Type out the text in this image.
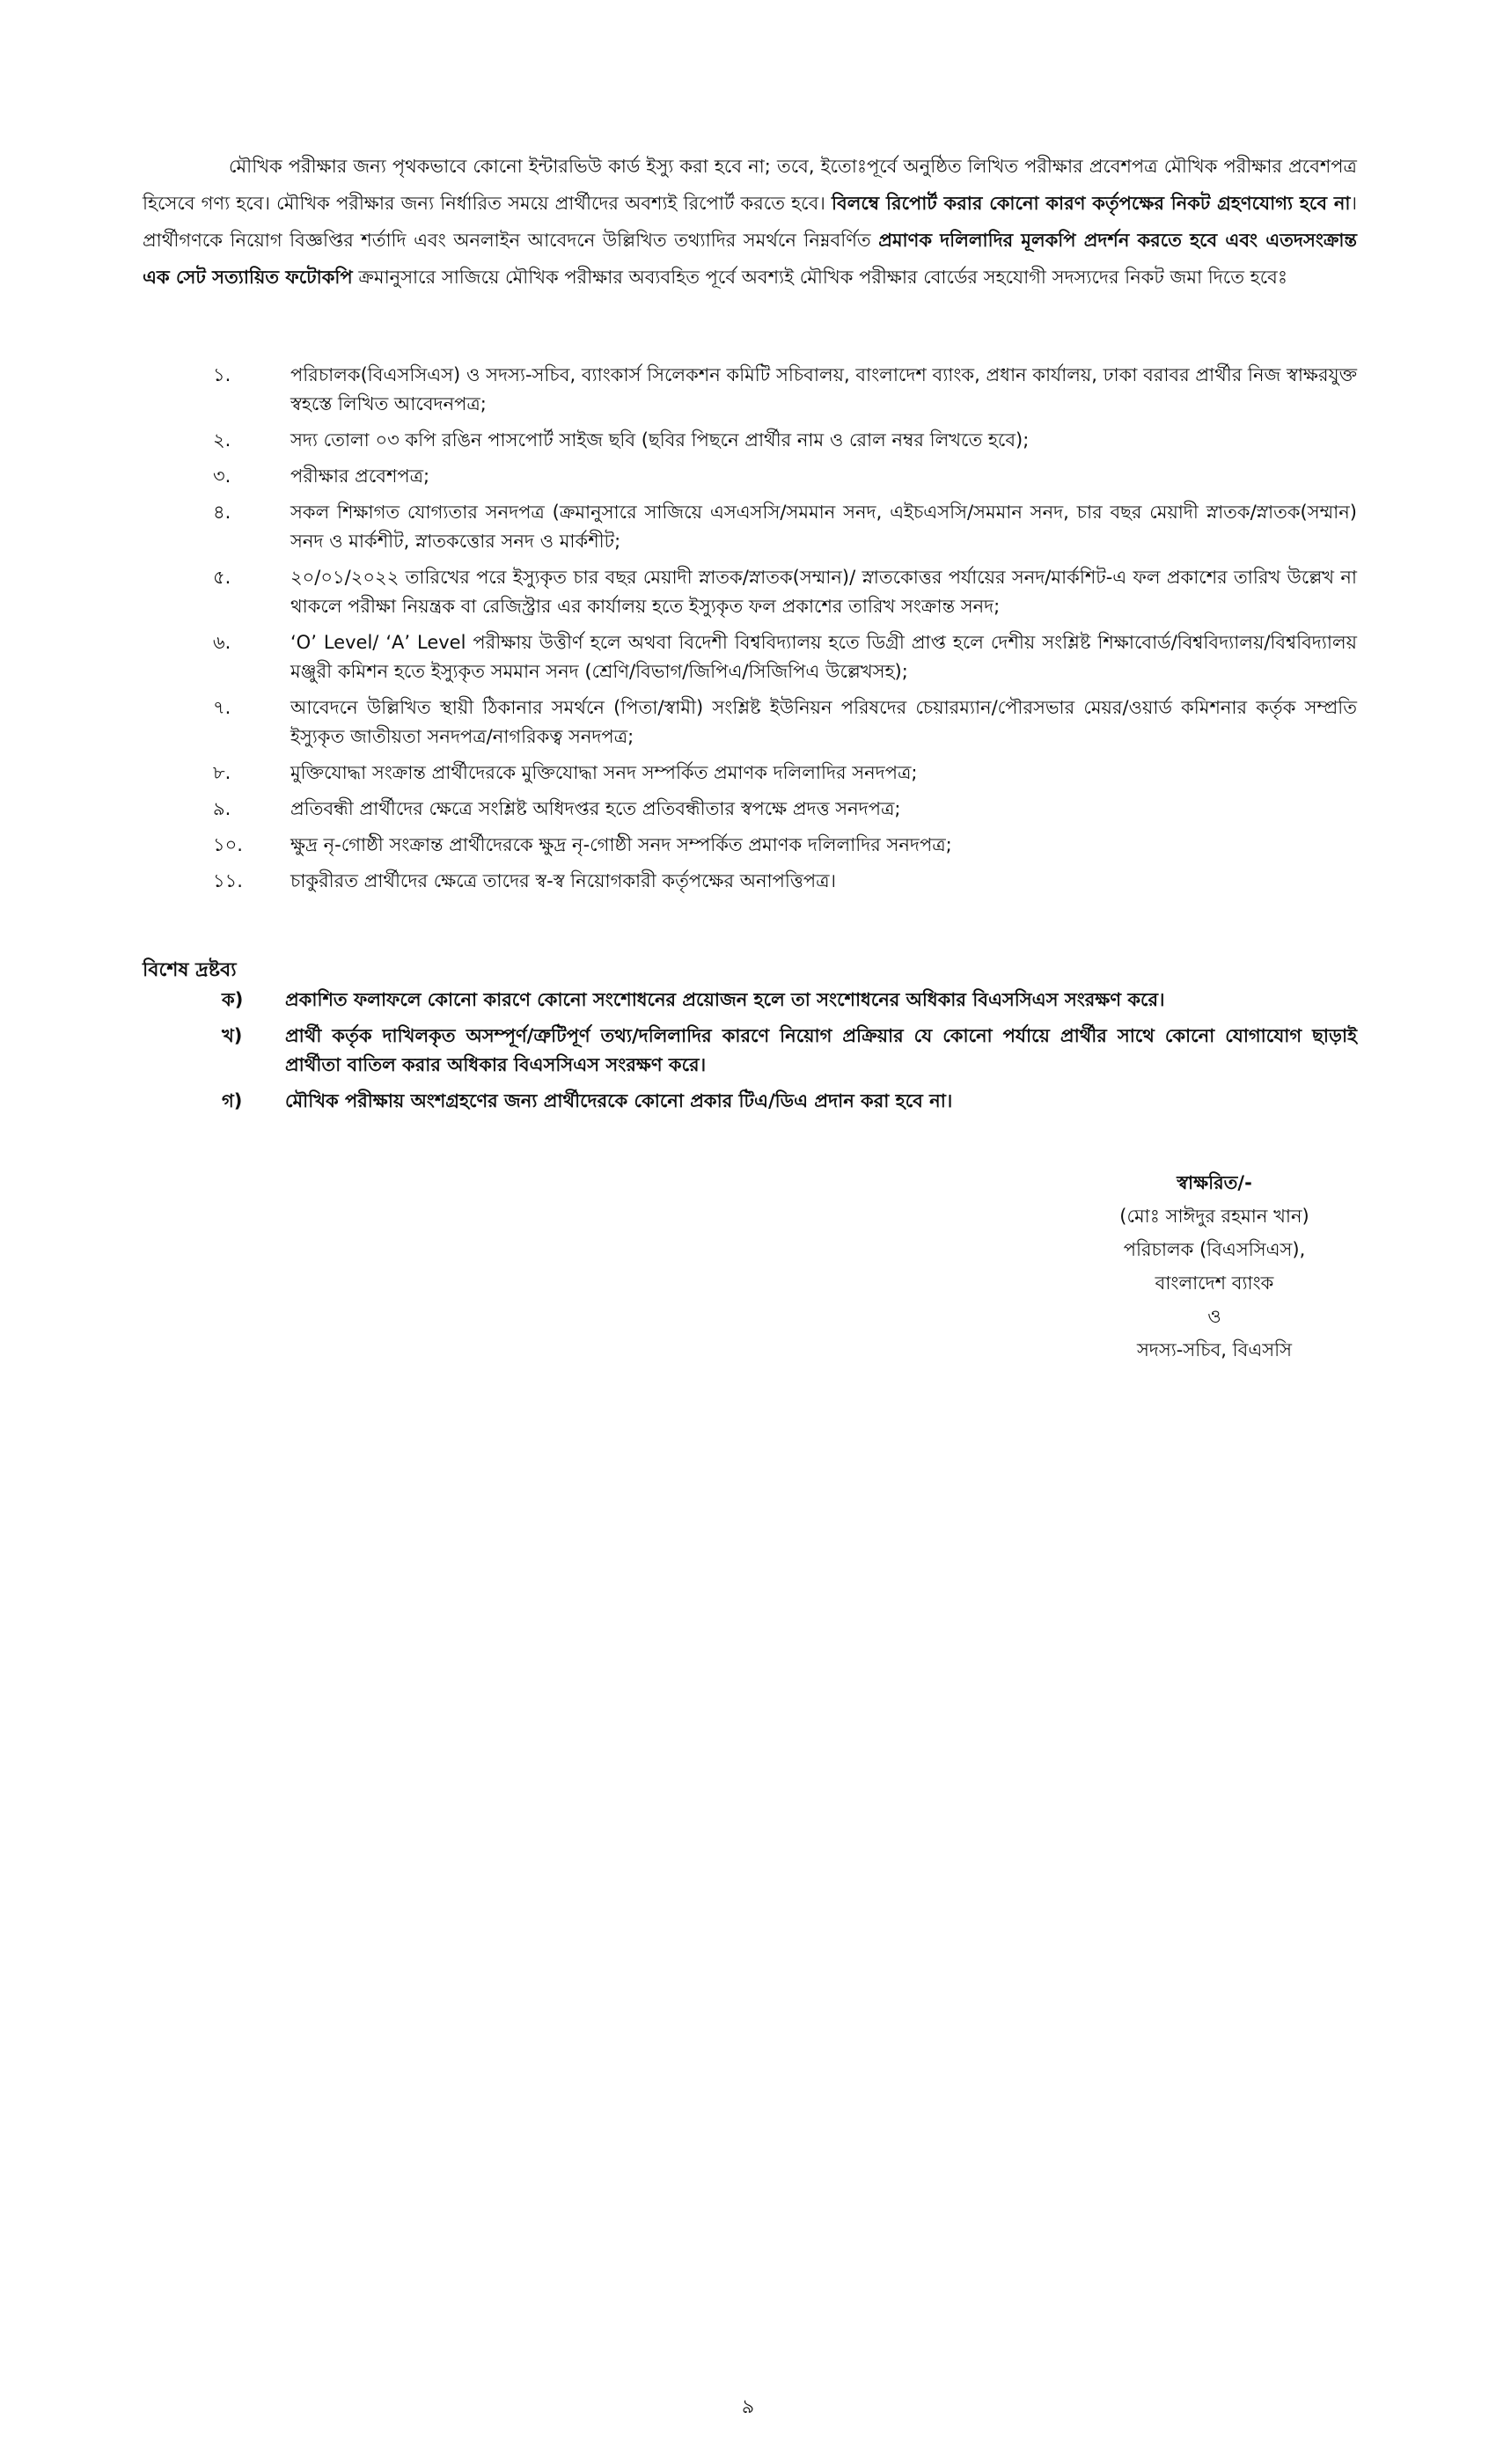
মৌখিক পরীক্ষার জন্য পৃথকভাবে কোনো ইন্টারভিউ কার্ড ইস্যু করা হবে না; তবে, ইতোঃপূর্বে অনুষ্ঠিত লিখিত পরীক্ষার প্রবেশপত্র মৌখিক পরীক্ষার প্রবেশপত্র হিসেবে গণ্য হবে। মৌখিক পরীক্ষার জন্য নির্ধারিত সময়ে প্রার্থীদের অবশ্যই রিপোর্ট করতে হবে। বিলম্বে রিপোর্ট করার কোনো কারণ কর্তৃপক্ষের নিকট গ্রহণযোগ্য হবে না। প্রার্থীগণকে নিয়োগ বিজ্ঞপ্তির শর্তাদি এবং অনলাইন আবেদনে উল্লিখিত তথ্যাদির সমর্থনে নিম্নবর্ণিত প্রমাণক দলিলাদির মূলকপি প্রদর্শন করতে হবে এবং এতদসংক্রান্ত এক সেট সত্যায়িত ফটোকপি ক্রমানুসারে সাজিয়ে মৌখিক পরীক্ষার অব্যবহিত পূর্বে অবশ্যই মৌখিক পরীক্ষার বোর্ডের সহযোগী সদস্যদের নিকট জমা দিতে হবেঃ

১.	পরিচালক(বিএসসিএস) ও সদস্য-সচিব, ব্যাংকার্স সিলেকশন কমিটি সচিবালয়, বাংলাদেশ ব্যাংক, প্রধান কার্যালয়, ঢাকা বরাবর প্রার্থীর নিজ স্বাক্ষরযুক্ত স্বহস্তে লিখিত আবেদনপত্র;
২.	সদ্য তোলা ০৩ কপি রঙিন পাসপোর্ট সাইজ ছবি (ছবির পিছনে প্রার্থীর নাম ও রোল নম্বর লিখতে হবে);
৩.	পরীক্ষার প্রবেশপত্র;
৪.	সকল শিক্ষাগত যোগ্যতার সনদপত্র (ক্রমানুসারে সাজিয়ে এসএসসি/সমমান সনদ, এইচএসসি/সমমান সনদ, চার বছর মেয়াদী স্নাতক/স্নাতক(সম্মান) সনদ ও মার্কশীট, স্নাতকত্তোর সনদ ও মার্কশীট;
৫.	২০/০১/২০২২ তারিখের পরে ইস্যুকৃত চার বছর মেয়াদী স্নাতক/স্নাতক(সম্মান)/ স্নাতকোত্তর পর্যায়ের সনদ/মার্কশিট-এ ফল প্রকাশের তারিখ উল্লেখ না থাকলে পরীক্ষা নিয়ন্ত্রক বা রেজিস্ট্রার এর কার্যালয় হতে ইস্যুকৃত ফল প্রকাশের তারিখ সংক্রান্ত সনদ;
৬.	‘O’ Level/ ‘A’ Level পরীক্ষায় উত্তীর্ণ হলে অথবা বিদেশী বিশ্ববিদ্যালয় হতে ডিগ্রী প্রাপ্ত হলে দেশীয় সংশ্লিষ্ট শিক্ষাবোর্ড/বিশ্ববিদ্যালয়/বিশ্ববিদ্যালয় মঞ্জুরী কমিশন হতে ইস্যুকৃত সমমান সনদ (শ্রেণি/বিভাগ/জিপিএ/সিজিপিএ উল্লেখসহ);
৭.	আবেদনে উল্লিখিত স্থায়ী ঠিকানার সমর্থনে (পিতা/স্বামী) সংশ্লিষ্ট ইউনিয়ন পরিষদের চেয়ারম্যান/পৌরসভার মেয়র/ওয়ার্ড কমিশনার কর্তৃক সম্প্রতি ইস্যুকৃত জাতীয়তা সনদপত্র/নাগরিকত্ব সনদপত্র;
৮.	মুক্তিযোদ্ধা সংক্রান্ত প্রার্থীদেরকে মুক্তিযোদ্ধা সনদ সম্পর্কিত প্রমাণক দলিলাদির সনদপত্র;
৯.	প্রতিবন্ধী প্রার্থীদের ক্ষেত্রে সংশ্লিষ্ট অধিদপ্তর হতে প্রতিবন্ধীতার স্বপক্ষে প্রদত্ত সনদপত্র;
১০.	ক্ষুদ্র নৃ-গোষ্ঠী সংক্রান্ত প্রার্থীদেরকে ক্ষুদ্র নৃ-গোষ্ঠী সনদ সম্পর্কিত প্রমাণক দলিলাদির সনদপত্র;
১১.	চাকুরীরত প্রার্থীদের ক্ষেত্রে তাদের স্ব-স্ব নিয়োগকারী কর্তৃপক্ষের অনাপত্তিপত্র।
বিশেষ দ্রষ্টব্য
ক)	প্রকাশিত ফলাফলে কোনো কারণে কোনো সংশোধনের প্রয়োজন হলে তা সংশোধনের অধিকার বিএসসিএস সংরক্ষণ করে।
খ)	প্রার্থী কর্তৃক দাখিলকৃত অসম্পূর্ণ/ত্রুটিপূর্ণ তথ্য/দলিলাদির কারণে নিয়োগ প্রক্রিয়ার যে কোনো পর্যায়ে প্রার্থীর সাথে কোনো যোগাযোগ ছাড়াই প্রার্থীতা বাতিল করার অধিকার বিএসসিএস সংরক্ষণ করে।
গ)	মৌখিক পরীক্ষায় অংশগ্রহণের জন্য প্রার্থীদেরকে কোনো প্রকার টিএ/ডিএ প্রদান করা হবে না।
স্বাক্ষরিত/-
(মোঃ সাঈদুর রহমান খান)
পরিচালক (বিএসসিএস),
বাংলাদেশ ব্যাংক
ও
সদস্য-সচিব, বিএসসি
৯
